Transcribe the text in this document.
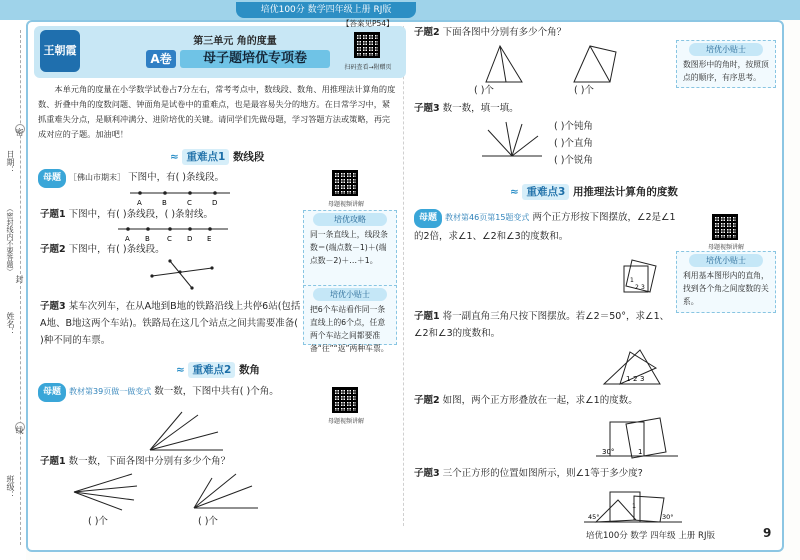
培优100分 数学四年级上册 RJ版
日期：
（密封线内不要答题）
姓名：
班级：
密
封
线
王朝霞
第三单元 角的度量
A卷	母子题培优专项卷
【答案见P54】
扫码查看→附赠页
本单元角的度量在小学数学试卷占7分左右，常考考点中，数线段、数角、用推理法计算角的度数、折叠中角的度数问题、钟面角是试卷中的重难点，也是最容易失分的地方。在日常学习中，紧抓重难失分点，是顺利冲满分、进阶培优的关键。请同学们先做母题，学习答题方法或策略，再完成对应的子题。加油吧！
≈ 重难点1 数线段
母题 ［佛山市期末］ 下图中，有( )条线段。
A	B	C	D	母题视频讲解
子题1 下图中，有( )条线段，( )条射线。
A B C D E
子题2 下图中，有( )条线段。
子题3 某车次列车，在从A地到B地的铁路沿线上共停6站(包括A地、B地这两个车站)。铁路局在这几个站点之间共需要准备( )种不同的车票。
培优攻略
同一条直线上，线段条数＝(端点数－1)＋(端点数－2)＋…＋1。
培优小贴士
把6个车站看作同一条直线上的6个点，任意两个车站之间都要准备“往”“返”两种车票。
≈ 重难点2 数角
母题 教材第39页做一做变式 数一数，下图中共有( )个角。
母题视频讲解
子题1 数一数，下面各图中分别有多少个角？
( )个	( )个
子题2 下面各图中分别有多少个角？
( )个	( )个
子题3 数一数，填一填。
( )个钝角
( )个直角
( )个锐角
培优小贴士
数图形中的角时，按照顶点的顺序，有序思考。
≈ 重难点3 用推理法计算角的度数
母题 教材第46页第15题变式 两个正方形按下图摆放，∠2是∠1的2倍，求∠1、∠2和∠3的度数和。
1
2 3
母题视频讲解
培优小贴士
利用基本图形内的直角，找到各个角之间度数的关系。
子题1 将一副直角三角尺按下图摆放。若∠2＝50°，求∠1、∠2和∠3的度数和。
1 2 3
子题2 如图，两个正方形叠放在一起，求∠1的度数。
30°	1
子题3 三个正方形的位置如图所示，则∠1等于多少度?
45°	30°
1
培优100分 数学 四年级 上册 RJ版	9
